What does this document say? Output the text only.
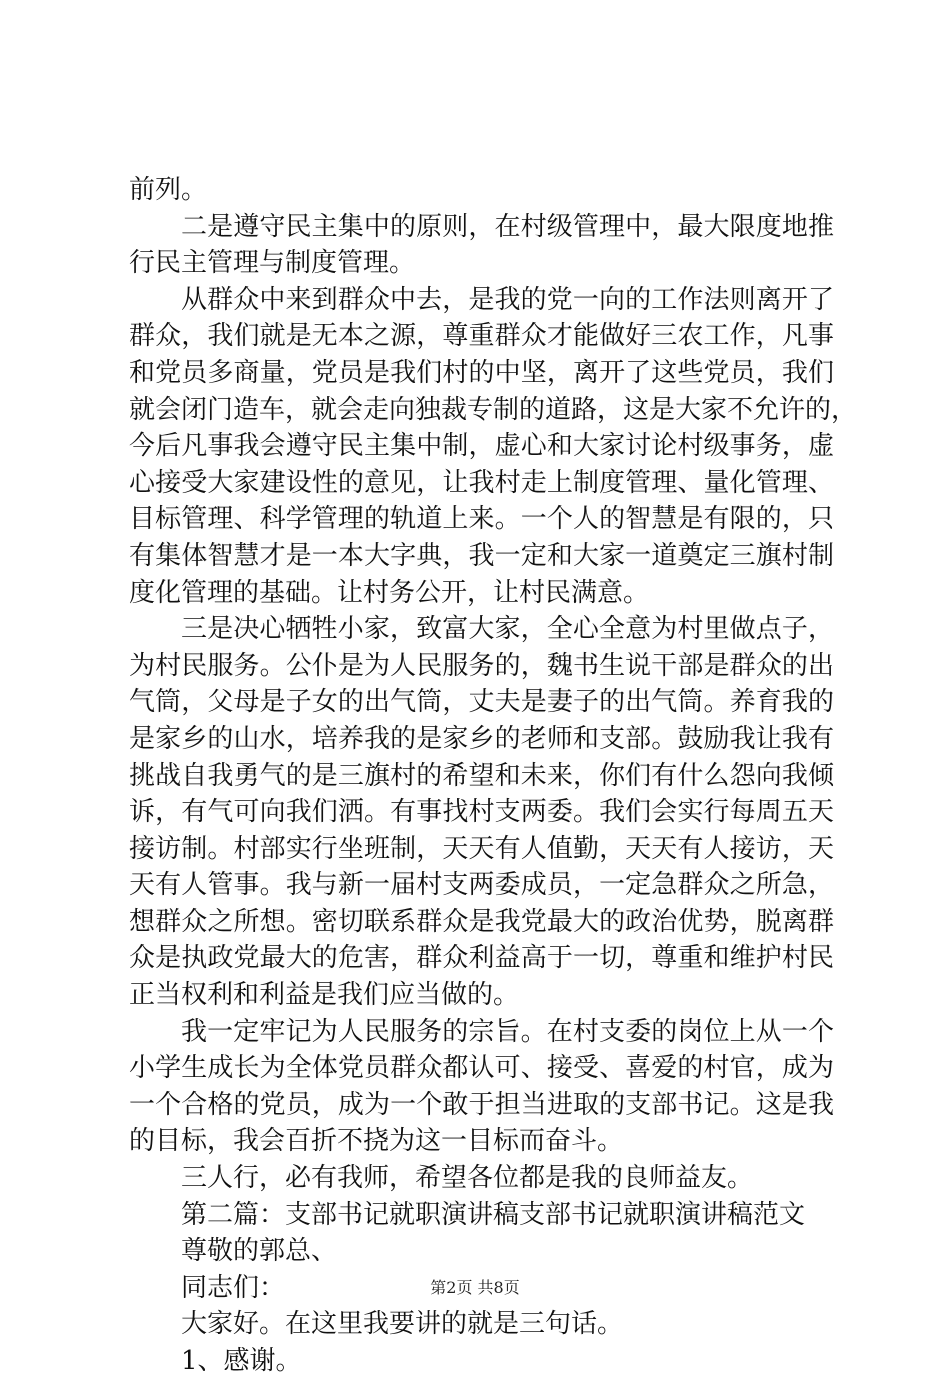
前列。
二是遵守民主集中的原则，在村级管理中，最大限度地推
行民主管理与制度管理。
从群众中来到群众中去，是我的党一向的工作法则离开了
群众，我们就是无本之源，尊重群众才能做好三农工作，凡事
和党员多商量，党员是我们村的中坚，离开了这些党员，我们
就会闭门造车，就会走向独裁专制的道路，这是大家不允许的，
今后凡事我会遵守民主集中制，虚心和大家讨论村级事务，虚
心接受大家建设性的意见，让我村走上制度管理、量化管理、
目标管理、科学管理的轨道上来。一个人的智慧是有限的，只
有集体智慧才是一本大字典，我一定和大家一道奠定三旗村制
度化管理的基础。让村务公开，让村民满意。
三是决心牺牲小家，致富大家，全心全意为村里做点子，
为村民服务。公仆是为人民服务的，魏书生说干部是群众的出
气筒，父母是子女的出气筒，丈夫是妻子的出气筒。养育我的
是家乡的山水，培养我的是家乡的老师和支部。鼓励我让我有
挑战自我勇气的是三旗村的希望和未来，你们有什么怨向我倾
诉，有气可向我们洒。有事找村支两委。我们会实行每周五天
接访制。村部实行坐班制，天天有人值勤，天天有人接访，天
天有人管事。我与新一届村支两委成员，一定急群众之所急，
想群众之所想。密切联系群众是我党最大的政治优势，脱离群
众是执政党最大的危害，群众利益高于一切，尊重和维护村民
正当权利和利益是我们应当做的。
我一定牢记为人民服务的宗旨。在村支委的岗位上从一个
小学生成长为全体党员群众都认可、接受、喜爱的村官，成为
一个合格的党员，成为一个敢于担当进取的支部书记。这是我
的目标，我会百折不挠为这一目标而奋斗。
三人行，必有我师，希望各位都是我的良师益友。
第二篇：支部书记就职演讲稿支部书记就职演讲稿范文
尊敬的郭总、
同志们：
大家好。在这里我要讲的就是三句话。
1、感谢。
第2页 共8页
